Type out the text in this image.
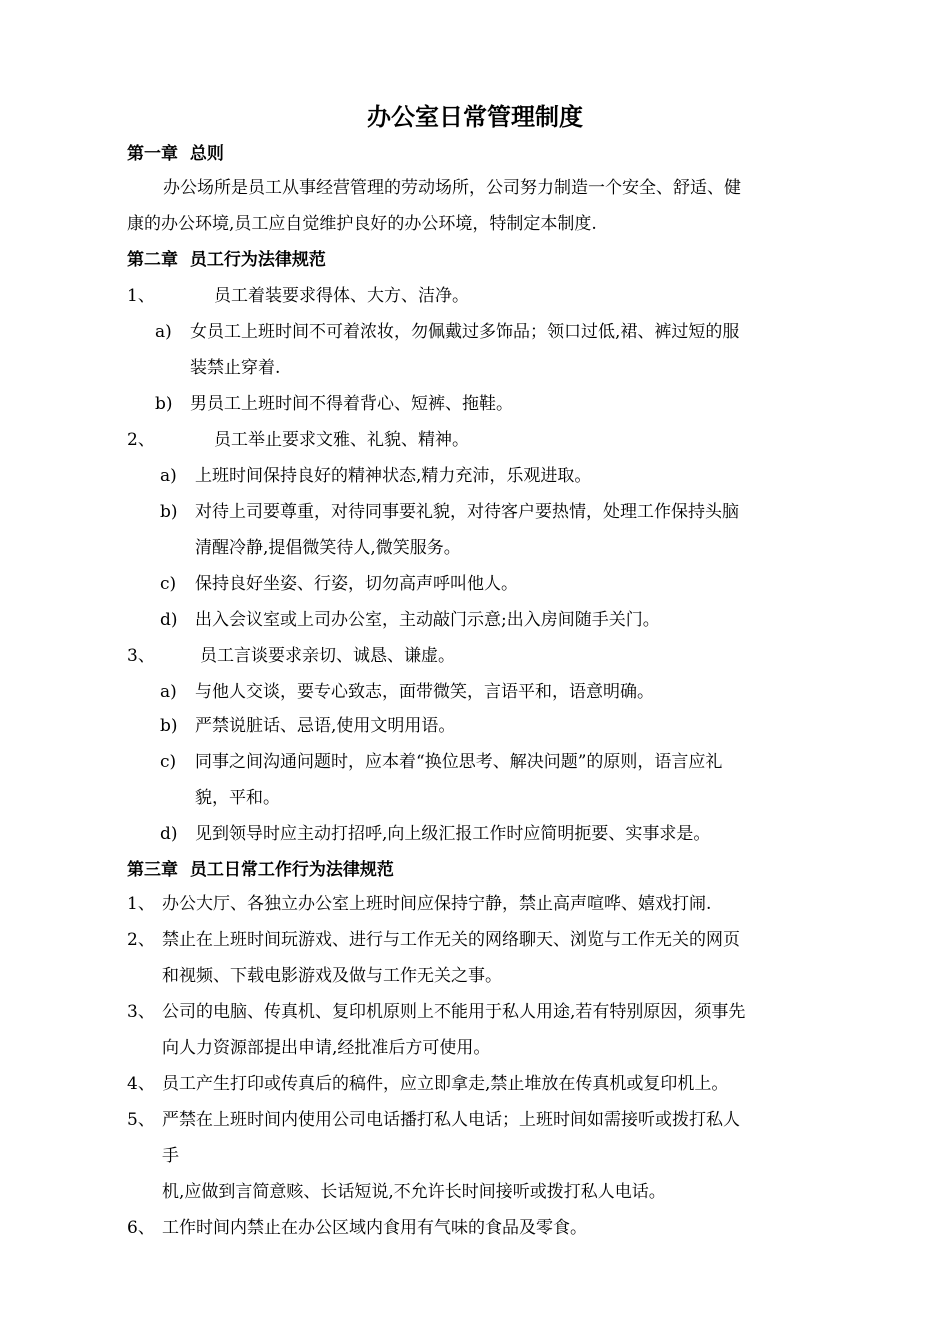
办公室日常管理制度
第一章  总则
办公场所是员工从事经营管理的劳动场所，公司努力制造一个安全、舒适、健
康的办公环境,员工应自觉维护良好的办公环境，特制定本制度.
第二章  员工行为法律规范
1、	员工着装要求得体、大方、洁净。
a) 女员工上班时间不可着浓妆，勿佩戴过多饰品；领口过低,裙、裤过短的服
装禁止穿着.
b) 男员工上班时间不得着背心、短裤、拖鞋。
2、	员工举止要求文雅、礼貌、精神。
a) 上班时间保持良好的精神状态,精力充沛，乐观进取。
b) 对待上司要尊重，对待同事要礼貌，对待客户要热情，处理工作保持头脑
清醒冷静,提倡微笑待人,微笑服务。
c) 保持良好坐姿、行姿，切勿高声呼叫他人。
d) 出入会议室或上司办公室，主动敲门示意;出入房间随手关门。
3、	员工言谈要求亲切、诚恳、谦虚。
a) 与他人交谈，要专心致志，面带微笑，言语平和，语意明确。
b) 严禁说脏话、忌语,使用文明用语。
c) 同事之间沟通问题时，应本着“换位思考、解决问题”的原则，语言应礼
貌，平和。
d) 见到领导时应主动打招呼,向上级汇报工作时应简明扼要、实事求是。
第三章  员工日常工作行为法律规范
1、 办公大厅、各独立办公室上班时间应保持宁静，禁止高声喧哗、嬉戏打闹.
2、 禁止在上班时间玩游戏、进行与工作无关的网络聊天、浏览与工作无关的网页
和视频、下载电影游戏及做与工作无关之事。
3、 公司的电脑、传真机、复印机原则上不能用于私人用途,若有特别原因，须事先
向人力资源部提出申请,经批准后方可使用。
4、 员工产生打印或传真后的稿件，应立即拿走,禁止堆放在传真机或复印机上。
5、 严禁在上班时间内使用公司电话播打私人电话；上班时间如需接听或拨打私人
手
机,应做到言简意赅、长话短说,不允许长时间接听或拨打私人电话。
6、 工作时间内禁止在办公区域内食用有气味的食品及零食。
